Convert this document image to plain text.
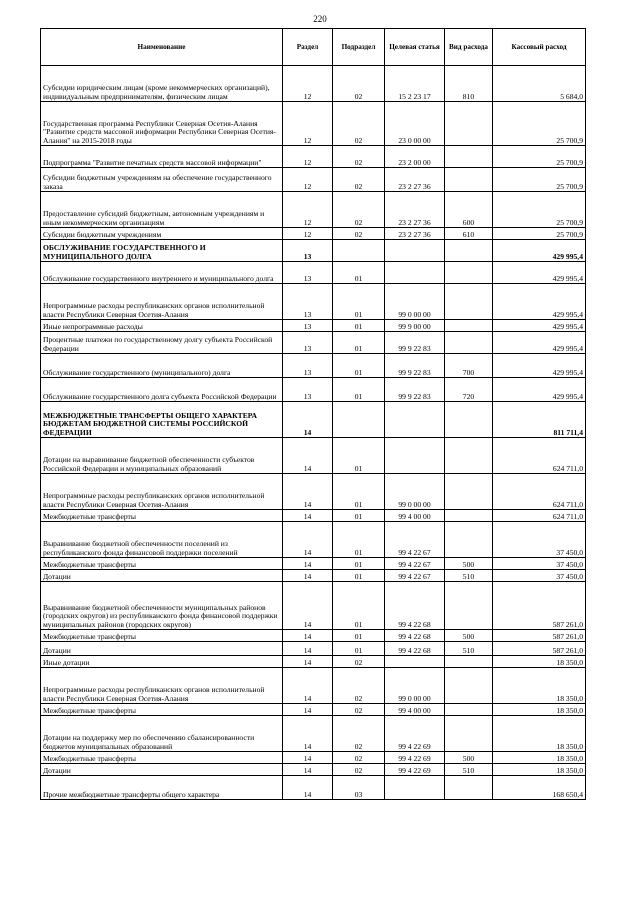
220
Наименование	Раздел	Подраздел	Целевая статья	Вид расхода	Кассовый расход
Субсидии юридическим лицам (кроме некоммерческих организаций), индивидуальным предпринимателям, физическим лицам	12	02	15 2 23 17	810	5 684,0
Государственная программа Республики Северная Осетия-Алания "Развитие средств массовой информации Республики Северная Осетия-Алания" на 2015-2018 годы	12	02	23 0 00 00		25 700,9
Подпрограмма "Развитие печатных средств массовой информации"	12	02	23 2 00 00		25 700,9
Субсидии бюджетным учреждениям на обеспечение государственного заказа	12	02	23 2 27 36		25 700,9
Предоставление субсидий бюджетным, автономным учреждениям и иным некоммерческим организациям	12	02	23 2 27 36	600	25 700,9
Субсидии бюджетным учреждениям	12	02	23 2 27 36	610	25 700,9
ОБСЛУЖИВАНИЕ ГОСУДАРСТВЕННОГО И МУНИЦИПАЛЬНОГО ДОЛГА	13				429 995,4
Обслуживание государственного внутреннего и муниципального долга	13	01			429 995,4
Непрограммные расходы республиканских органов исполнительной власти Республики Северная Осетия-Алания	13	01	99 0 00 00		429 995,4
Иные непрограммные расходы	13	01	99 9 00 00		429 995,4
Процентные платежи по государственному долгу субъекта Российской Федерации	13	01	99 9 22 83		429 995,4
Обслуживание государственного (муниципального) долга	13	01	99 9 22 83	700	429 995,4
Обслуживание государственного долга субъекта Российской Федерации	13	01	99 9 22 83	720	429 995,4
МЕЖБЮДЖЕТНЫЕ ТРАНСФЕРТЫ ОБЩЕГО ХАРАКТЕРА БЮДЖЕТАМ БЮДЖЕТНОЙ СИСТЕМЫ РОССИЙСКОЙ ФЕДЕРАЦИИ	14				811 711,4
Дотации на выравнивание бюджетной обеспеченности субъектов Российской Федерации и муниципальных образований	14	01			624 711,0
Непрограммные расходы республиканских органов исполнительной власти Республики Северная Осетия-Алания	14	01	99 0 00 00		624 711,0
Межбюджетные трансферты	14	01	99 4 00 00		624 711,0
Выравнивание бюджетной обеспеченности поселений из республиканского фонда финансовой поддержки поселений	14	01	99 4 22 67		37 450,0
Межбюджетные трансферты	14	01	99 4 22 67	500	37 450,0
Дотации	14	01	99 4 22 67	510	37 450,0
Выравнивание бюджетной обеспеченности муниципальных районов (городских округов) из республиканского фонда финансовой поддержки муниципальных районов (городских округов)	14	01	99 4 22 68		587 261,0
Межбюджетные трансферты	14	01	99 4 22 68	500	587 261,0
Дотации	14	01	99 4 22 68	510	587 261,0
Иные дотации	14	02			18 350,0
Непрограммные расходы республиканских органов исполнительной власти Республики Северная Осетия-Алания	14	02	99 0 00 00		18 350,0
Межбюджетные трансферты	14	02	99 4 00 00		18 350,0
Дотации на поддержку мер по обеспечению сбалансированности бюджетов муниципальных образований	14	02	99 4 22 69		18 350,0
Межбюджетные трансферты	14	02	99 4 22 69	500	18 350,0
Дотации	14	02	99 4 22 69	510	18 350,0
Прочие межбюджетные трансферты общего характера	14	03			168 650,4
